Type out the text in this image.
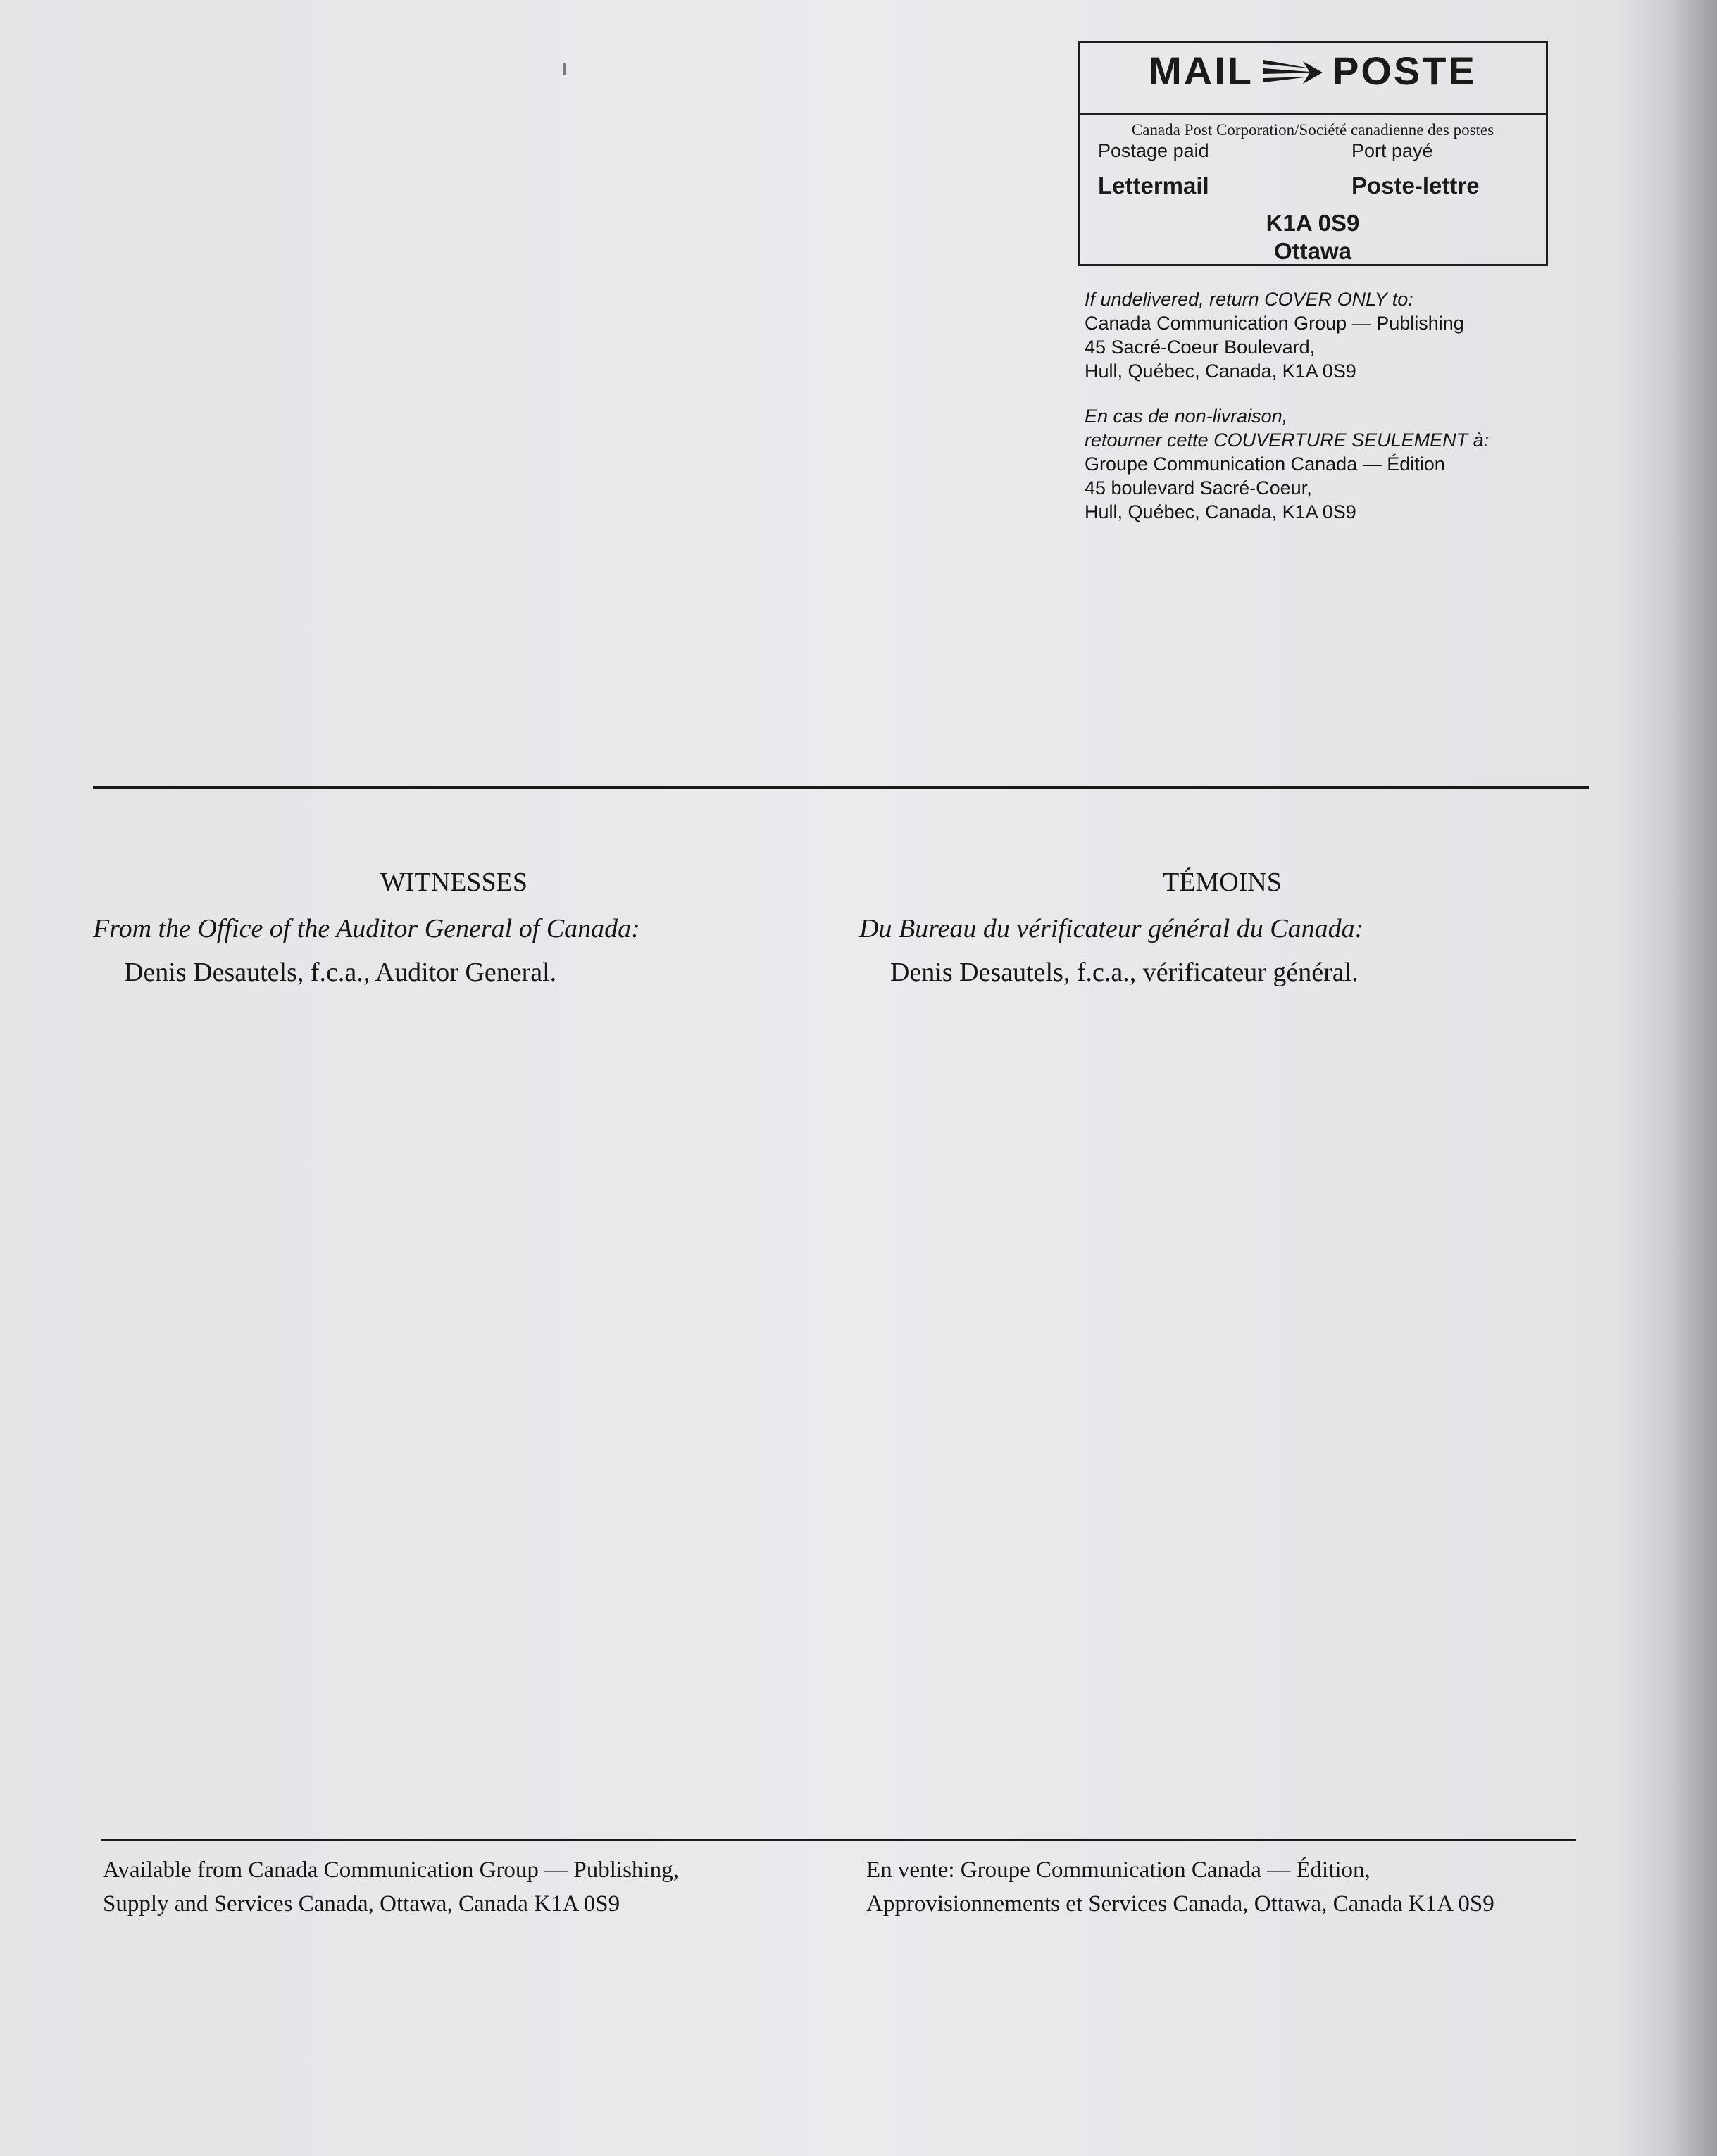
MAIL POSTE
Canada Post Corporation/Société canadienne des postes
Postage paid	Port payé
Lettermail	Poste-lettre
K1A 0S9
Ottawa
If undelivered, return COVER ONLY to:
Canada Communication Group — Publishing
45 Sacré-Coeur Boulevard,
Hull, Québec, Canada, K1A 0S9
En cas de non-livraison,
retourner cette COUVERTURE SEULEMENT à:
Groupe Communication Canada — Édition
45 boulevard Sacré-Coeur,
Hull, Québec, Canada, K1A 0S9
WITNESSES	TÉMOINS
From the Office of the Auditor General of Canada:	Du Bureau du vérificateur général du Canada:
Denis Desautels, f.c.a., Auditor General.	Denis Desautels, f.c.a., vérificateur général.
Available from Canada Communication Group — Publishing,
Supply and Services Canada, Ottawa, Canada K1A 0S9
En vente: Groupe Communication Canada — Édition,
Approvisionnements et Services Canada, Ottawa, Canada K1A 0S9
